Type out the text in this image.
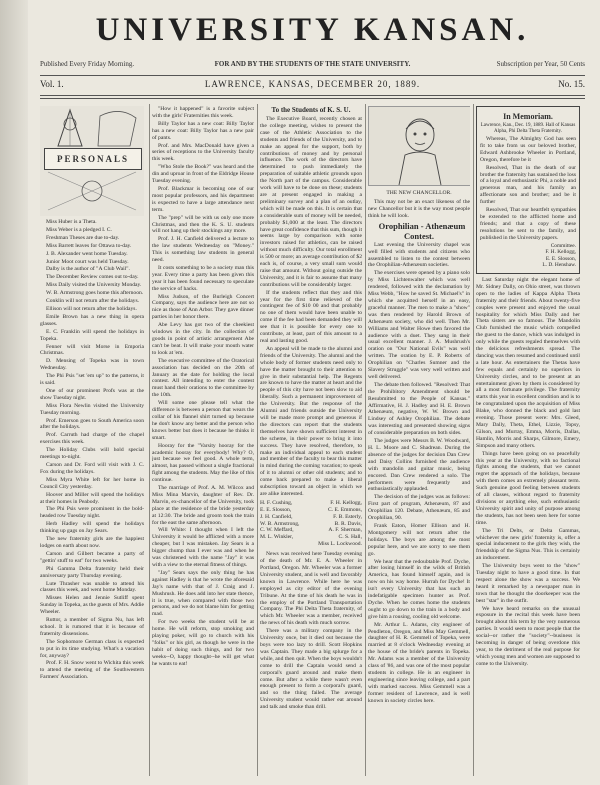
UNIVERSITY KANSAN.
Published Every Friday Morning.	FOR AND BY THE STUDENTS OF THE STATE UNIVERSITY.	Subscription per Year, 50 Cents
Vol. 1.	LAWRENCE, KANSAS, DECEMBER 20, 1889.	No. 15.
PERSONALS

Miss Huber is a Theta.

Miss Weber is a pledged I. C.

Freshman Theses are due to-day.

Miss Barrett leaves for Ottawa to-day.

J. B. Alexander went home Tuesday.

Junior Moot court was held Tuesday.

Dalby is the author of "A Club Wail".

The December Review comes out to-day.

Miss Daily visited the University Monday.

W. B. Armstrong goes home this afternoon.

Conklin will not return after the holidays.

Ellison will not return after the holidays.

Emile Brown has a new thing in opera glasses.

E. C. Franklin will spend the holidays in Topeka.

Fenner will visit Morse in Emporia Christmas.

D. Mensing of Topeka was in town Wednesday.

The Phi Psis "set 'em up" to the patterns, it is said.

One of our prominent Profs was at the show Tuesday night.

Miss Flora Newlin visited the University Tuesday morning.

Prof. Emerson goes to South America soon after the holidays.

Prof. Carruth had charge of the chapel exercises this week.

The Holiday Clubs will hold special meetings to-night.

Carson and Dr. Ford will visit with J. C. Fox during the holidays.

Miss Myra White left for her home in Council City yesterday.

Hoover and Miller will spend the holidays at their homes in Peabody.

The Phi Psis were prominent in the bold-headed row Tuesday night.

Herb Hadley will spend the holidays thinking up gags on Jay Sears.

The new fraternity girls are the happiest lodges on earth about now.

Carson and Gilbert became a party of "gettin' stuff to eat" for two weeks.

Phi Gamma Delta fraternity held their anniversary party Thursday evening.

Lute Thrasher was unable to attend his classes this week, and went home Monday.

Misses Helen and Jennie Sutliff spent Sunday in Topeka, as the guests of Mrs. Addie Wheeler.

Ruttor, a member of Sigma Nu, has left school. It is rumored that it is because of fraternity dissensions.

The Sophomore German class is expected to put in its time studying. What's a vacation for, anyway?

Prof. F. H. Snow went to Wichita this week to attend the meeting of the Southwestern Farmers' Association.

"How it happened" is a favorite subject with the girls' Fraternities this week.

Billy Taylor has a new coat: Billy Taylor has a new coat: Billy Taylor has a new pair of pants.

Prof. and Mrs. MacDonald have given a series of receptions to the University faculty this week.

"Who Stole the Book?" was heard and the din and uproar in front of the Eldridge House Tuesday evening.

Prof. Blackmar is becoming one of our most popular professors, and his department is expected to have a large attendance next term.

The "prep" will be with us only one more Christmas, and then the K. S. U. students will not hang up their stockings any more.

Prof. J. H. Canfield delivered a lecture to the law students Wednesday on "Money." This is something law students in general need.

It costs something to be a society man this year. Every time a party has been given this year it has been found necessary to speculate the service of hacks.

Miss Judson, of the Burleigh Concert Company, says the audience here are not so nice as those of Ann Arbor. They gave dinner parties in her honor there.

Abe Levy has got two of the cheekiest windows in the city. In the collection of goods in point of artistic arrangement Abe can't be beat. It will make your mouth water to look at 'em.

The executive committee of the Oratorical association has decided on the 20th of January as the date for holding the local contest. All intending to enter the contest must hand their orations to the committee by the 10th.

Will some one please tell what the difference is between a person that wears the collar of his flannel shirt turned up because he don't know any better and the person who knows better but does it because he thinks it smart.

Hooray for the "Varsity hooray for the academic hooray for everybody! Why? O, just because we feel good. A whole term, almost, has passed without a single fractional fight among the students. May the like of this continue.

The marriage of Prof. A. M. Wilcox and Miss Mina Marvin, daughter of Rev. Dr. Marvin, ex-chancellor of the University, took place at the residence of the bride yesterday at 12:30. The bride and groom took the train for the east the same afternoon.

Will White: I thought when I left the University it would be afflicted with a more cheaper, but I was mistaken. Jay Sears is a bigger chump than I ever was and when he was christened with the name "Jay" it was with a view to the eternal fitness of things.

"Jay" Sears says the only thing he has against Hadley is that he wrote the aforesaid Jay's name with that of J. Craig and J. Mushrush. He does add into her state thence, it is true, when compared with those two persons, and we do not blame him for getting mad.

For two weeks the student will be at home. He will reform, stop smoking and playing poker, will go to church with his "folks" or his girl, as though he were in the habit of doing such things, and for two weeks--O, happy thought--he will get what he wants to eat!

To the Students of K. S. U.

The Executive Board, recently chosen at the college meeting, wishes to present the case of the Athletic Association to the students and friends of the University, and to make an appeal for the support, both by contributions of money and by personal influence. The work of the directors have determined to push immediately the preparation of suitable athletic grounds upon the North part of the campus. Considerable work will have to be done on these; students are at present engaged in making a preliminary survey and a plan of an outlay, which will be made on this. It is certain that a considerable sum of money will be needed, probably $1,000 at the least. The directors have great confidence that this sum, though it seems large by comparison with some investors raised for athletics, can be raised without much difficulty. Our total enrollment is 500 or more; an average contribution of $2 each is, of course, a very small sum would raise that amount. Without going outside the University, and it is fair to assume that many contributions will be considerably larger.

If the students reflect that they and this year for the first time relieved of the contingent fee of $10 00 and that probably no one of them would have been unable to come if the fee had been demanded they will see that it is possible for every one to contribute, at least, part of this amount to a real and lasting good.

An appeal will be made to the alumni and friends of the University. The alumni and the whole body of former students need only to have the matter brought to their attention to give in their substantial help. The Regents are known to have the matter at heart and the people of this city have not been slow to aid liberally. Such a permanent improvement of the University. But the response of the Alumni and friends outside the University will be made more prompt and generous if the directors can report that the students themselves have shown sufficient interest in the scheme, in their power to bring it into success. They have resolved, therefore, to make an individual appeal to each student and member of the faculty to bear this matter in mind during the coming vacation; to speak of it to alumni or other old students; and to come back prepared to make a liberal subscription toward an object in which we are alike interested.

H. F. Cushing,	F. H. Kellogg,
E. E. Slosson,	C. E. Emmons,
J. H. Canfield,	F. B. Esterly,
W. B. Armstrong,	B. R. Davis,
C. W. Meffard,	A. F. Sherman,
M. L. Winkler,	C. S. Hall,
Miss L. Lockwood.

News was received here Tuesday evening of the death of Mr. E. A. Wheeler in Portland, Oregon. Mr. Wheeler was a former University student, and is well and favorably known in Lawrence. While here he was employed as city editor of the evening Tribune. At the time of his death he was in the employ of the Portland Transportation Company. The Phi Delta Theta fraternity, of which Mr. Wheeler was a member, received the news of his death with much sorrow.

There was a military company in the University once, but it died out because the boys were too lazy to drill. Scott Hopkins was Captain. They made a big splurge for a while, and then quit. When the boys wouldn't come to drill the Captain would send a corporal's guard around and make them come. But after a while there wasn't even enough present to form a corporal's guard, and so the thing failed. The average University student would rather eat around and talk and smoke than drill.

THE NEW CHANCELLOR.

This may not be an exact likeness of the new Chancellor but it is the way most people think he will look.

Orophilian - Athenæum Contest.

Last evening the University chapel was well filled with students and citizens who assembled to listen to the contest between the Orophilian-Athenæum societies.

The exercises were opened by a piano solo by Miss Lichtenwalter which was well rendered, followed with the declamation by Miss Webb, "How he saved St. Michael's" in which she acquitted herself in an easy, graceful manner. The men to make a "show" was then rendered by Harold Brown of Athenæum society, who did well. Then Mr. Williams and Walter Howe then favored the audience with a duet. They sang in their usual excellent manner. J. A. Mushrush's oration on "Our National Evils" was well written. The oration by E. P. Roberts of Orophilian on "Charles Sumner and the Slavery Struggle" was very well written and well delivered.

The debate then followed. "Resolved: That the Prohibitory Amendment should be Resubmitted to the People of Kansas." Affirmative, H. J. Hadley and H. E. Brown Athenæum, negative, W. W. Brown and Lindsey of Ashley Orophilian. The debate was interesting and presented showing signs of considerable preparation on both sides.

The judges were Messrs B. W. Woodward, H. L. Moore and C. Shadrean. During the absence of the judges for decision Dan Crew and Daisy Collins furnished the audience with mandolin and guitar music, being encored. Dan Crew rendered a solo. The performers were frequently and enthusiastically applauded.

The decision of the judges was as follows: First part of program, Athenæum, 87 and Orophilian 120. Debate, Athenæum, 85 and Orophilian, 90.

Frank Eaton, Homer Ellison and H. Montgomery will not return after the holidays. The boys are among the most popular here, and we are sorry to see them go.

We hear that the redoubtable Prof. Dyche, after losing himself in the wilds of British America, has found himself again, and is now on his way home. Hurrah for Dyche! It isn't every University that has such an indefatigable specimen hunter as Prof. Dyche. When he comes home the students ought to go down to the train in a body and give him a rousing, cooling old welcome.

Mr. Arthur L. Adams, city engineer of Pendleton, Oregon, and Miss May Gemmell, daughter of H. R. Gemmell of Topeka, were married at 8 o'clock Wednesday evening at the house of the bride's parents in Topeka. Mr. Adams was a member of the University class of '86, and was one of the most popular students in college. He is an engineer in engineering since leaving college, and a part with marked success. Miss Gemmell was a former resident of Lawrence, and is well known in society circles here.

In Memoriam.

Lawrence, Kan., Dec. 19, 1889. Hall of Kansas Alpha, Phi Delta Theta Fraternity.

Whereas, The Almighty God has seen fit to take from us our beloved brother, Edward Ashbrooke Wheeler in Portland, Oregon, therefore be it

Resolved, That in the death of our brother the fraternity has sustained the loss of a loyal and enthusiastic Phi, a noble and generous man, and his family an affectionate son and brother; and be it further

Resolved, That our heartfelt sympathies be extended to the afflicted home and friends; and that a copy of these resolutions be sent to the family, and published in the University papers.

Committee.
F. H. Kellogg,
E. E. Slosson,
L. D. Henshaw.

Last Saturday night the elegant home of Mr. Sidney Dally, on Ohio street, was thrown open to the ladies of Kappa Alpha Theta fraternity and their friends. About twenty-five couples were present and enjoyed the usual hospitality for which Miss Dally and her Theta sisters are so famous. The Mandolin Club furnished the music which compelled the guest to the dance, which was indulged in only while the guests regaled themselves with the delicious refreshments spread. The dancing was then resumed and continued until a late hour. As entertainers the Thetas have few equals and certainly no superiors in University circles, and to be present at an entertainment given by them is considered by all a most fortunate privilege. The fraternity starts this year in excellent condition and is to be congratulated upon the acquisition of Miss Blake, who donned the black and gold last evening. Those present were: Mrs. Gleed, Mary Dally, Theta, Ethel, Lizzie, Topsy, Gilson, and Murray, Emma, Morris, Dallas, Hamlin, Morris and Sharps, Gilmore, Emery, Simpson and many others.

Things have been going on so peacefully this year at the University, with no factional fights among the students, that we cannot regret the approach of the holidays, because with them comes an extremely pleasant term. Such genuine good feeling between students of all classes, without regard to fraternity divisions or anything else, such enthusiastic University spirit and unity of purpose among the students, has not been seen here for some time.

The Tri Delts, or Delta Gammas, whichever the new girls' fraternity is, offer a special inducement to the girls they wish, the friendship of the Sigma Nus. This is certainly an inducement.

The University boys went to the "show" Tuesday night to have a good time. In that respect alone the show was a success. We heard it remarked by a newspaper man in town that he thought the doorkeeper was the best "star" in the outfit.

We have heard remarks on the unusual exposure in the recital this week have been brought about this term by the very numerous parties. It would seem to most people that the social--or rather the "society"--business is becoming in danger of being overdone this year, to the detriment of the real purpose for which young men and women are supposed to come to the University.
